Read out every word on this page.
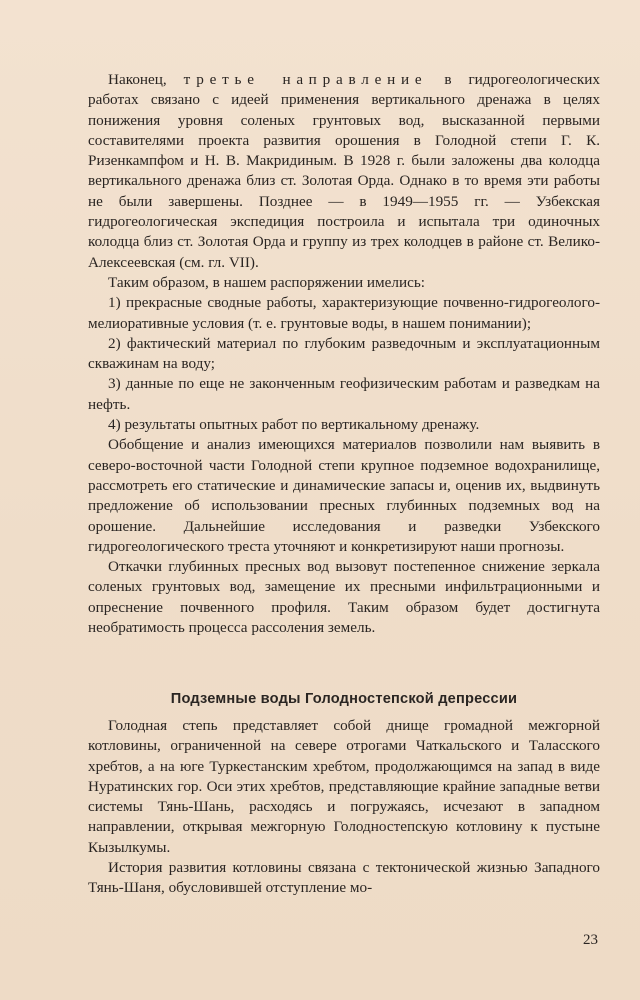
Наконец, третье направление в гидрогеологических работах связано с идеей применения вертикального дренажа в целях понижения уровня соленых грунтовых вод, высказанной первыми составителями проекта развития орошения в Голодной степи Г. К. Ризенкампфом и Н. В. Макридиным. В 1928 г. были заложены два колодца вертикального дренажа близ ст. Золотая Орда. Однако в то время эти работы не были завершены. Позднее — в 1949—1955 гг. — Узбекская гидрогеологическая экспедиция построила и испытала три одиночных колодца близ ст. Золотая Орда и группу из трех колодцев в районе ст. Велико-Алексеевская (см. гл. VII).

Таким образом, в нашем распоряжении имелись:

1) прекрасные сводные работы, характеризующие почвенно-гидрогеолого-мелиоративные условия (т. е. грунтовые воды, в нашем понимании);

2) фактический материал по глубоким разведочным и эксплуатационным скважинам на воду;

3) данные по еще не законченным геофизическим работам и разведкам на нефть.

4) результаты опытных работ по вертикальному дренажу.

Обобщение и анализ имеющихся материалов позволили нам выявить в северо-восточной части Голодной степи крупное подземное водохранилище, рассмотреть его статические и динамические запасы и, оценив их, выдвинуть предложение об использовании пресных глубинных подземных вод на орошение. Дальнейшие исследования и разведки Узбекского гидрогеологического треста уточняют и конкретизируют наши прогнозы.

Откачки глубинных пресных вод вызовут постепенное снижение зеркала соленых грунтовых вод, замещение их пресными инфильтрационными и опреснение почвенного профиля. Таким образом будет достигнута необратимость процесса рассоления земель.

Подземные воды Голодностепской депрессии

Голодная степь представляет собой днище громадной межгорной котловины, ограниченной на севере отрогами Чаткальского и Таласского хребтов, а на юге Туркестанским хребтом, продолжающимся на запад в виде Нуратинских гор. Оси этих хребтов, представляющие крайние западные ветви системы Тянь-Шань, расходясь и погружаясь, исчезают в западном направлении, открывая межгорную Голодностепскую котловину к пустыне Кызылкумы.

История развития котловины связана с тектонической жизнью Западного Тянь-Шаня, обусловившей отступление мо-

23
